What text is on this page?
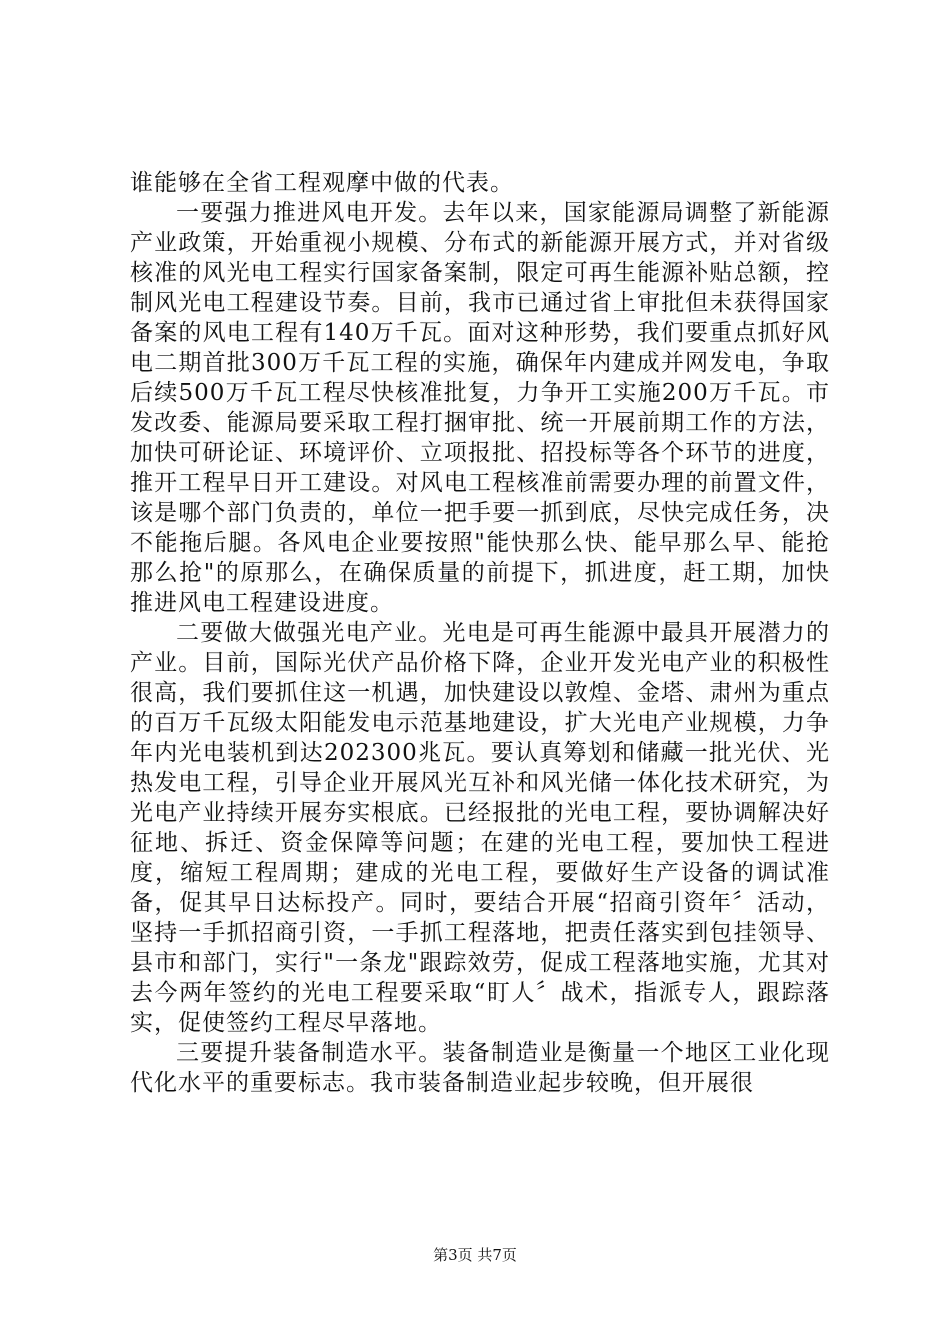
谁能够在全省工程观摩中做的代表。

一要强力推进风电开发。去年以来，国家能源局调整了新能源产业政策，开始重视小规模、分布式的新能源开展方式，并对省级核准的风光电工程实行国家备案制，限定可再生能源补贴总额，控制风光电工程建设节奏。目前，我市已通过省上审批但未获得国家备案的风电工程有140万千瓦。面对这种形势，我们要重点抓好风电二期首批300万千瓦工程的实施，确保年内建成并网发电，争取后续500万千瓦工程尽快核准批复，力争开工实施200万千瓦。市发改委、能源局要采取工程打捆审批、统一开展前期工作的方法，加快可研论证、环境评价、立项报批、招投标等各个环节的进度，推开工程早日开工建设。对风电工程核准前需要办理的前置文件，该是哪个部门负责的，单位一把手要一抓到底，尽快完成任务，决不能拖后腿。各风电企业要按照"能快那么快、能早那么早、能抢那么抢"的原那么，在确保质量的前提下，抓进度，赶工期，加快推进风电工程建设进度。

二要做大做强光电产业。光电是可再生能源中最具开展潜力的产业。目前，国际光伏产品价格下降，企业开发光电产业的积极性很高，我们要抓住这一机遇，加快建设以敦煌、金塔、肃州为重点的百万千瓦级太阳能发电示范基地建设，扩大光电产业规模，力争年内光电装机到达202300兆瓦。要认真筹划和储藏一批光伏、光热发电工程，引导企业开展风光互补和风光储一体化技术研究，为光电产业持续开展夯实根底。已经报批的光电工程，要协调解决好征地、拆迁、资金保障等问题；在建的光电工程，要加快工程进度，缩短工程周期；建成的光电工程，要做好生产设备的调试准备，促其早日达标投产。同时，要结合开展“招商引资年〞活动，坚持一手抓招商引资，一手抓工程落地，把责任落实到包挂领导、县市和部门，实行"一条龙"跟踪效劳，促成工程落地实施，尤其对去今两年签约的光电工程要采取“盯人〞战术，指派专人，跟踪落实，促使签约工程尽早落地。

三要提升装备制造水平。装备制造业是衡量一个地区工业化现代化水平的重要标志。我市装备制造业起步较晚，但开展很

第3页 共7页
